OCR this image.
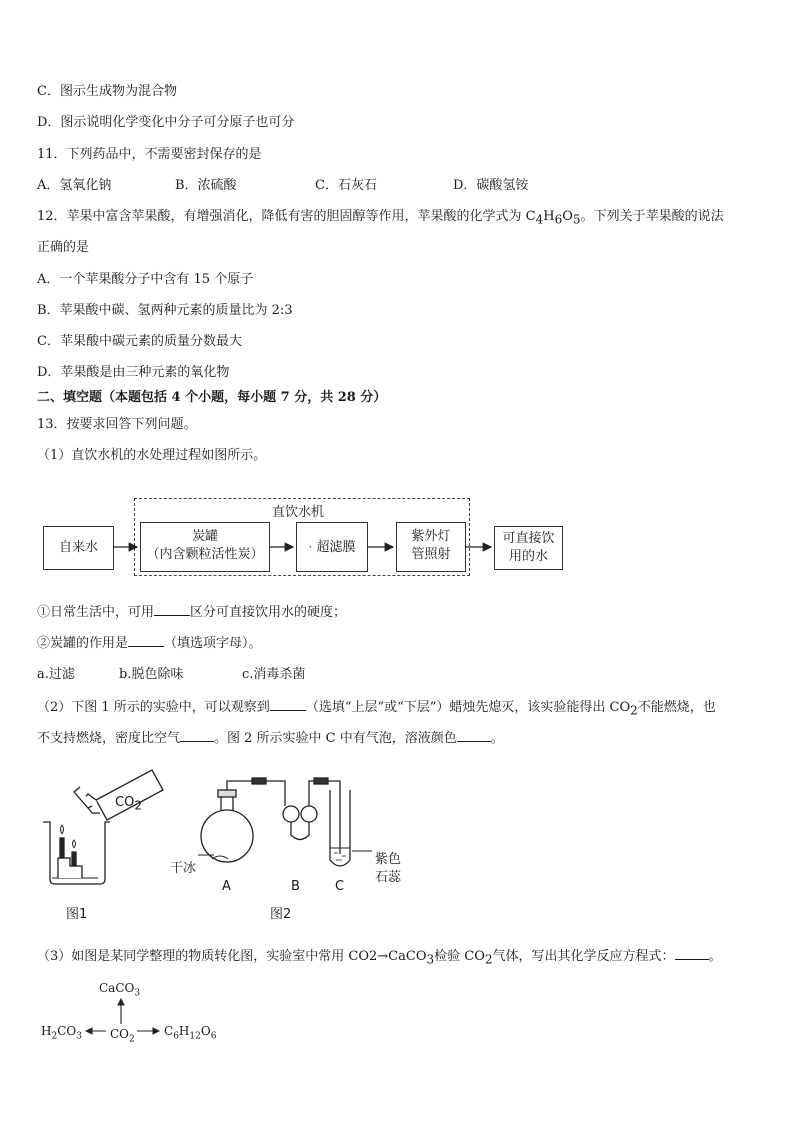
C．图示生成物为混合物
D．图示说明化学变化中分子可分原子也可分
11．下列药品中，不需要密封保存的是
A．氢氧化钠	B．浓硫酸	C．石灰石	D．碳酸氢铵
12．苹果中富含苹果酸，有增强消化，降低有害的胆固醇等作用，苹果酸的化学式为 $C_4H_6O_5$。下列关于苹果酸的说法
正确的是
A．一个苹果酸分子中含有 15 个原子
B．苹果酸中碳、氢两种元素的质量比为 2:3
C．苹果酸中碳元素的质量分数最大
D．苹果酸是由三种元素的氧化物
二、填空题（本题包括 4 个小题，每小题 7 分，共 28 分）
13．按要求回答下列问题。
（1）直饮水机的水处理过程如图所示。
直饮水机
自来水
炭罐
（内含颗粒活性炭）	· 超滤膜
紫外灯
管照射
可直接饮
用的水
①日常生活中，可用	区分可直接饮用水的硬度；
②炭罐的作用是	（填选项字母）。
a.过滤	b.脱色除味	c.消毒杀菌
（2）下图 1 所示的实验中，可以观察到	（选填“上层”或“下层”）蜡烛先熄灭，该实验能得出 $CO_2$不能燃烧，也
不支持燃烧，密度比空气	。图 2 所示实验中 C 中有气泡，溶液颜色	。
$CO_2$
图1
干冰
A	B	C
紫色
石蕊
图2
（3）如图是某同学整理的物质转化图，实验室中常用 CO2→CaCO$_3$检验 $CO_2$气体，写出其化学反应方程式：	。
CaCO$_3$
$H_2CO_3$ $CO_2$
$C_6H_{12}O_6$
